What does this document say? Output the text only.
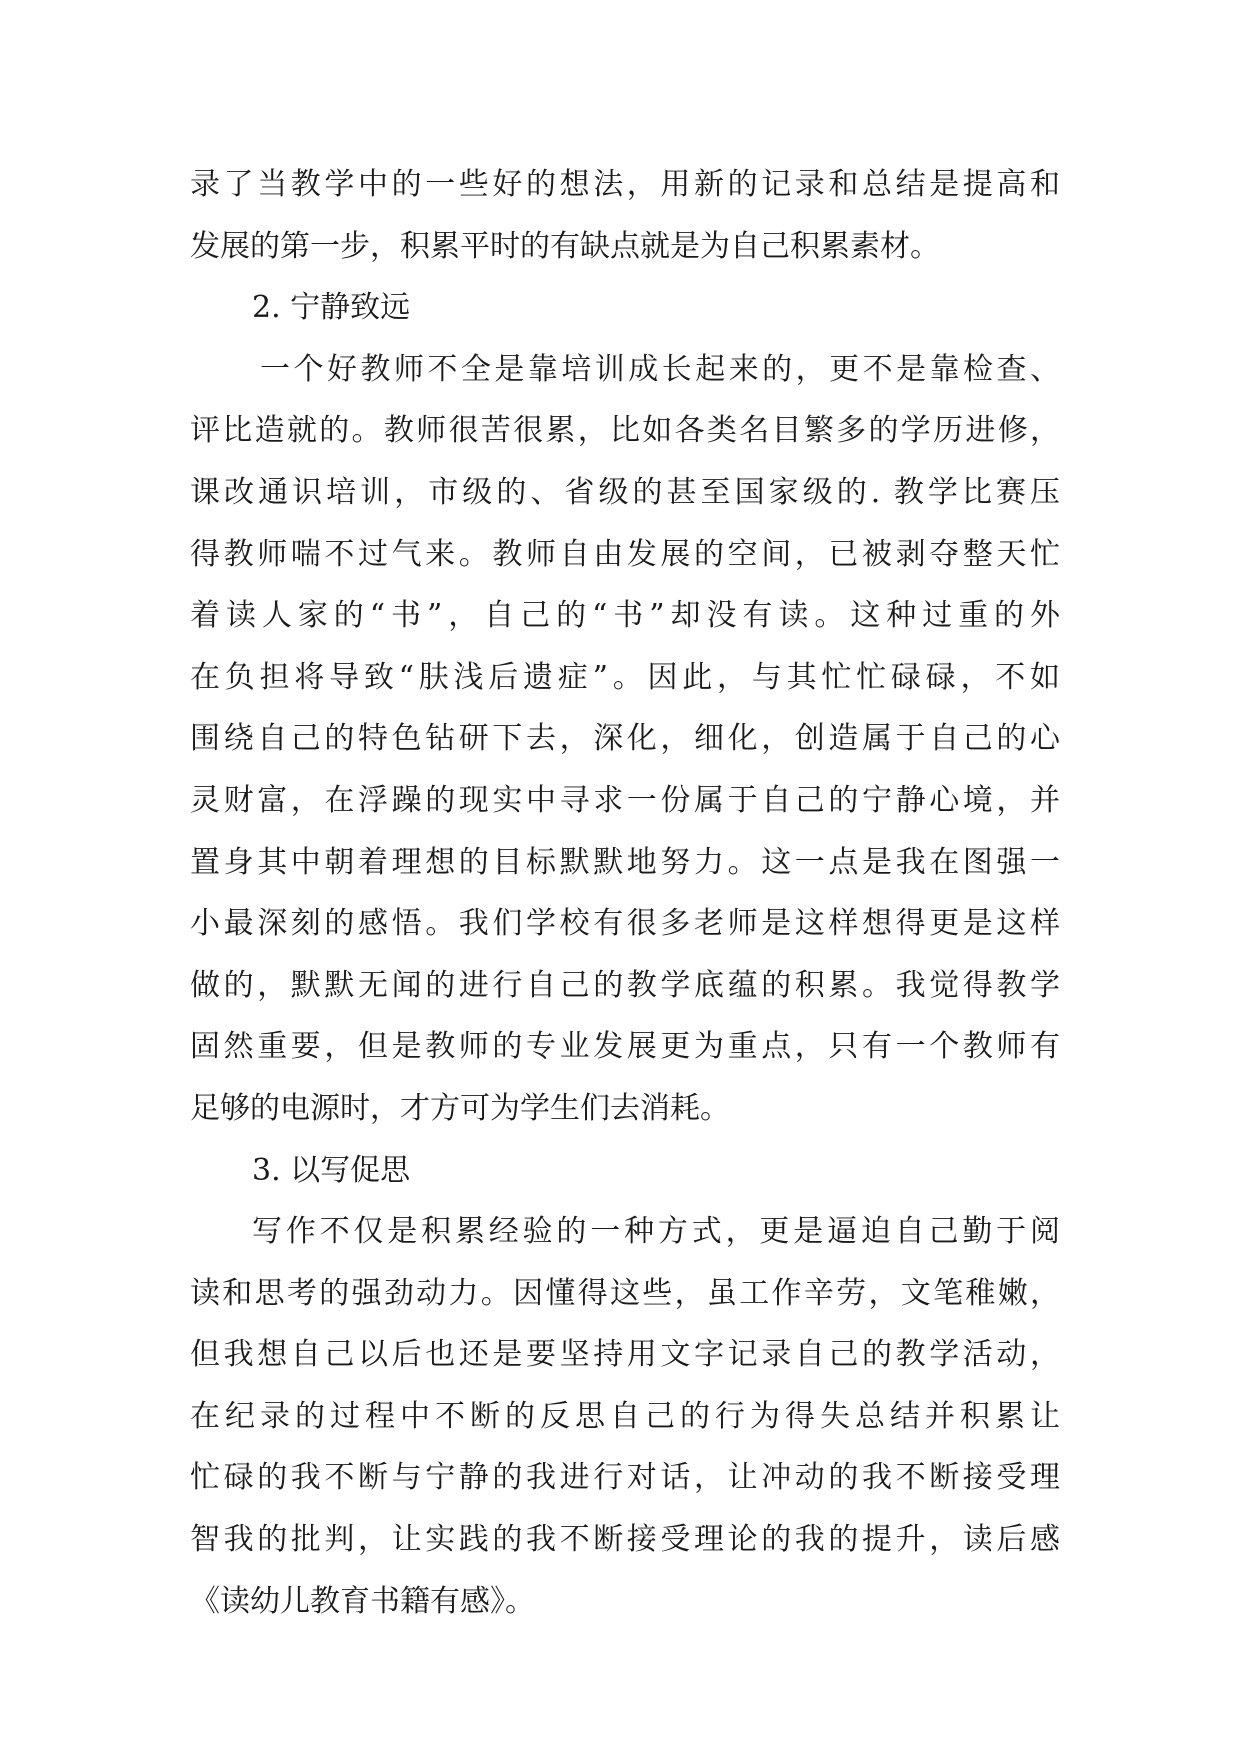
录了当教学中的一些好的想法，用新的记录和总结是提高和
发展的第一步，积累平时的有缺点就是为自己积累素材。
2. 宁静致远
一个好教师不全是靠培训成长起来的，更不是靠检查、
评比造就的。教师很苦很累，比如各类名目繁多的学历进修，
课改通识培训，市级的、省级的甚至国家级的. 教学比赛压
得教师喘不过气来。教师自由发展的空间，已被剥夺整天忙
着读人家的“书”，自己的“书”却没有读。这种过重的外
在负担将导致“肤浅后遗症”。因此，与其忙忙碌碌，不如
围绕自己的特色钻研下去，深化，细化，创造属于自己的心
灵财富，在浮躁的现实中寻求一份属于自己的宁静心境，并
置身其中朝着理想的目标默默地努力。这一点是我在图强一
小最深刻的感悟。我们学校有很多老师是这样想得更是这样
做的，默默无闻的进行自己的教学底蕴的积累。我觉得教学
固然重要，但是教师的专业发展更为重点，只有一个教师有
足够的电源时，才方可为学生们去消耗。
3. 以写促思
写作不仅是积累经验的一种方式，更是逼迫自己勤于阅
读和思考的强劲动力。因懂得这些，虽工作辛劳，文笔稚嫩，
但我想自己以后也还是要坚持用文字记录自己的教学活动，
在纪录的过程中不断的反思自己的行为得失总结并积累让
忙碌的我不断与宁静的我进行对话，让冲动的我不断接受理
智我的批判，让实践的我不断接受理论的我的提升，读后感
《读幼儿教育书籍有感》。
